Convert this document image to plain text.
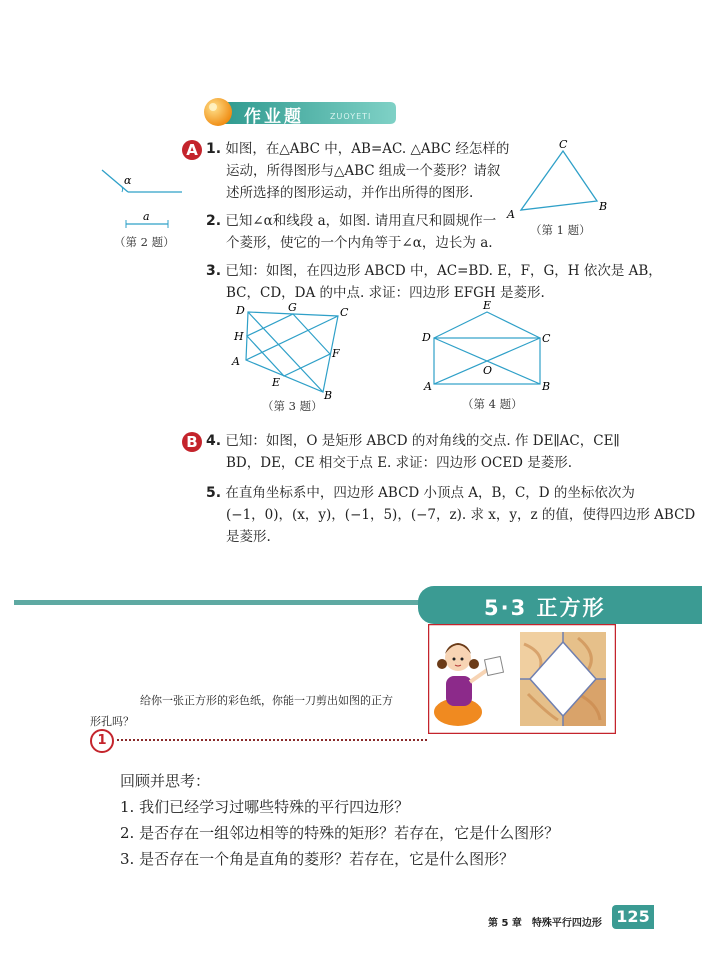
作业题	ZUOYETI
A 1. 如图，在△ABC 中，AB=AC. △ABC 经怎样的
运动，所得图形与△ABC 组成一个菱形？请叙
述所选择的图形运动，并作出所得的图形.
2. 已知∠α和线段 a，如图. 请用直尺和圆规作一
个菱形，使它的一个内角等于∠α，边长为 a.
3. 已知：如图，在四边形 ABCD 中，AC=BD. E，F，G，H 依次是 AB，
BC，CD，DA 的中点. 求证：四边形 EFGH 是菱形.
C
A
B
（第 1 题）
α
a
（第 2 题）
D	G	C
H
F
A
E
B
（第 3 题）
E
D	C
O
A	B
（第 4 题）
B 4. 已知：如图，O 是矩形 ABCD 的对角线的交点. 作 DE∥AC，CE∥
BD，DE，CE 相交于点 E. 求证：四边形 OCED 是菱形.
5. 在直角坐标系中，四边形 ABCD 小顶点 A，B，C，D 的坐标依次为
(−1，0)，(x，y)，(−1，5)，(−7，z). 求 x，y，z 的值，使得四边形 ABCD
是菱形.
5·3 正方形
给你一张正方形的彩色纸，你能一刀剪出如图的正方
形孔吗？
1
回顾并思考：
1. 我们已经学习过哪些特殊的平行四边形？
2. 是否存在一组邻边相等的特殊的矩形？若存在，它是什么图形？
3. 是否存在一个角是直角的菱形？若存在，它是什么图形？
第 5 章　特殊平行四边形 125
